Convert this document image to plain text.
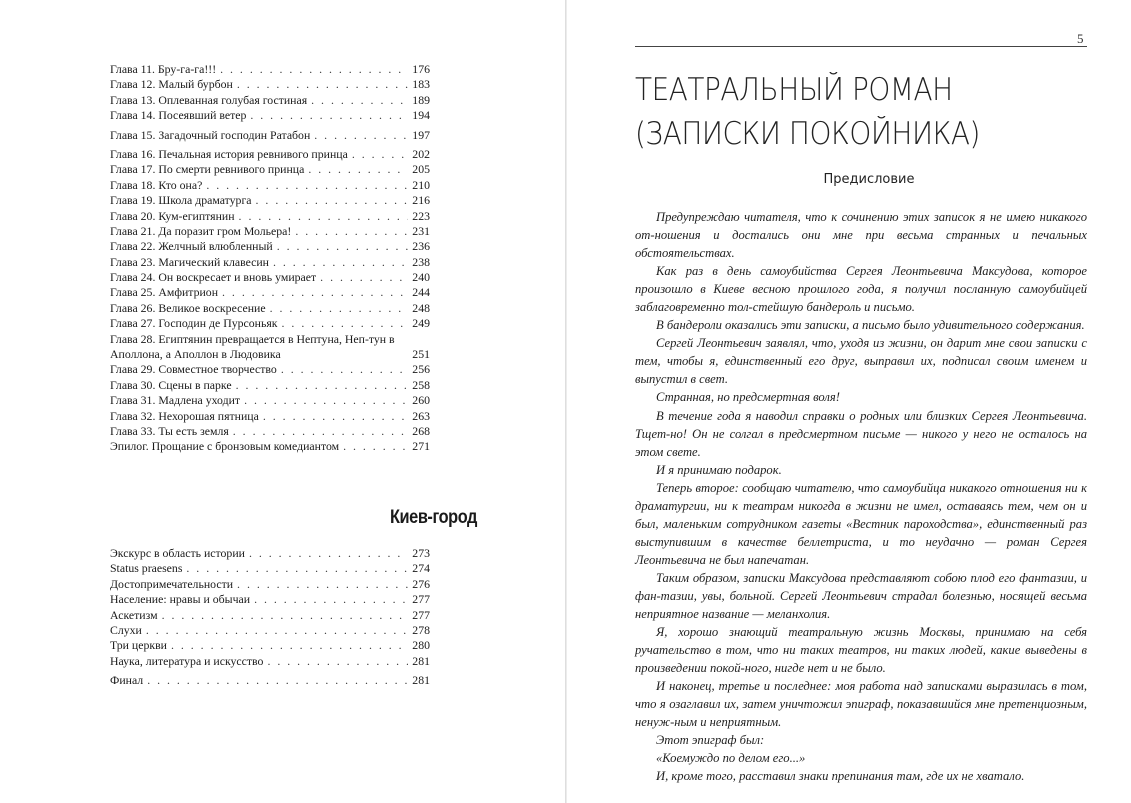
Глава 11. Бру-га-га!!! . . .	176
Глава 12. Малый бурбон . . .	183
Глава 13. Оплеванная голубая гостиная . . .	189
Глава 14. Посеявший ветер . . .	194
Глава 15. Загадочный господин Ратабон . . .	197
Глава 16. Печальная история ревнивого принца . . .	202
Глава 17. По смерти ревнивого принца . . .	205
Глава 18. Кто она? . . .	210
Глава 19. Школа драматурга . . .	216
Глава 20. Кум-египтянин . . .	223
Глава 21. Да поразит гром Мольера! . . .	231
Глава 22. Желчный влюбленный . . .	236
Глава 23. Магический клавесин . . .	238
Глава 24. Он воскресает и вновь умирает . . .	240
Глава 25. Амфитрион . . .	244
Глава 26. Великое воскресение . . .	248
Глава 27. Господин де Пурсоньяк . . .	249
Глава 28. Египтянин превращается в Нептуна, Неп-тун в Аполлона, а Аполлон в Людовика	251
Глава 29. Совместное творчество . . .	256
Глава 30. Сцены в парке . . .	258
Глава 31. Мадлена уходит . . .	260
Глава 32. Нехорошая пятница . . .	263
Глава 33. Ты есть земля . . .	268
Эпилог. Прощание с бронзовым комедиантом . . .	271
Киев-город
Экскурс в область истории . . .	273
Status praesens . . .	274
Достопримечательности . . .	276
Население: нравы и обычаи . . .	277
Аскетизм . . .	277
Слухи . . .	278
Три церкви . . .	280
Наука, литература и искусство . . .	281
Финал . . .	281
5
ТЕАТРАЛЬНЫЙ РОМАН
(ЗАПИСКИ ПОКОЙНИКА)
Предисловие

Предупреждаю читателя, что к сочинению этих записок я не имею никакого от-ношения и достались они мне при весьма странных и печальных обстоятельствах.

Как раз в день самоубийства Сергея Леонтьевича Максудова, которое произошло в Киеве весною прошлого года, я получил посланную самоубийцей заблаговременно тол-стейшую бандероль и письмо.

В бандероли оказались эти записки, а письмо было удивительного содержания.

Сергей Леонтьевич заявлял, что, уходя из жизни, он дарит мне свои записки с тем, чтобы я, единственный его друг, выправил их, подписал своим именем и выпустил в свет.

Странная, но предсмертная воля!

В течение года я наводил справки о родных или близких Сергея Леонтьевича. Тщет-но! Он не солгал в предсмертном письме — никого у него не осталось на этом свете.

И я принимаю подарок.

Теперь второе: сообщаю читателю, что самоубийца никакого отношения ни к драматургии, ни к театрам никогда в жизни не имел, оставаясь тем, чем он и был, маленьким сотрудником газеты «Вестник пароходства», единственный раз выступившим в качестве беллетриста, и то неудачно — роман Сергея Леонтьевича не был напечатан.

Таким образом, записки Максудова представляют собою плод его фантазии, и фан-тазии, увы, больной. Сергей Леонтьевич страдал болезнью, носящей весьма неприятное название — меланхолия.

Я, хорошо знающий театральную жизнь Москвы, принимаю на себя ручательство в том, что ни таких театров, ни таких людей, какие выведены в произведении покой-ного, нигде нет и не было.

И наконец, третье и последнее: моя работа над записками выразилась в том, что я озаглавил их, затем уничтожил эпиграф, показавшийся мне претенциозным, ненуж-ным и неприятным.

Этот эпиграф был:

«Коемуждо по делом его...»

И, кроме того, расставил знаки препинания там, где их не хватало.
